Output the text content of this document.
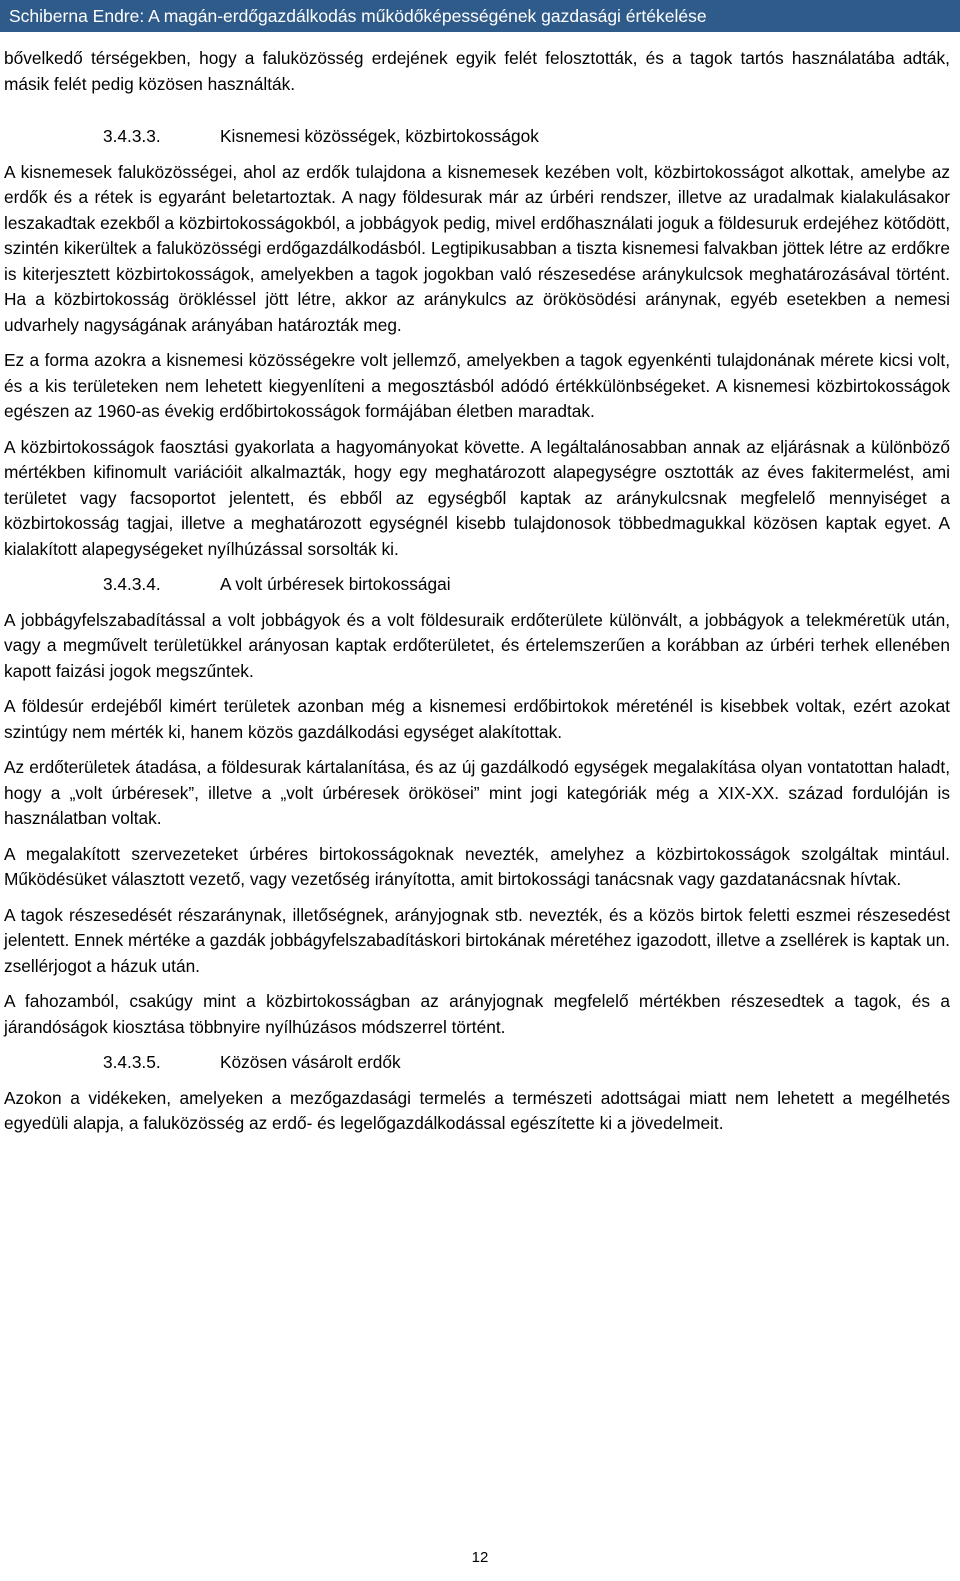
Schiberna Endre: A magán-erdőgazdálkodás működőképességének gazdasági értékelése

bővelkedő térségekben, hogy a faluközösség erdejének egyik felét felosztották, és a tagok tartós használatába adták, másik felét pedig közösen használták.

3.4.3.3.	Kisnemesi közösségek, közbirtokosságok

A kisnemesek faluközösségei, ahol az erdők tulajdona a kisnemesek kezében volt, közbirtokosságot alkottak, amelybe az erdők és a rétek is egyaránt beletartoztak. A nagy földesurak már az úrbéri rendszer, illetve az uradalmak kialakulásakor leszakadtak ezekből a közbirtokosságokból, a jobbágyok pedig, mivel erdőhasználati joguk a földesuruk erdejéhez kötődött, szintén kikerültek a faluközösségi erdőgazdálkodásból. Legtipikusabban a tiszta kisnemesi falvakban jöttek létre az erdőkre is kiterjesztett közbirtokosságok, amelyekben a tagok jogokban való részesedése aránykulcsok meghatározásával történt. Ha a közbirtokosság örökléssel jött létre, akkor az aránykulcs az örökösödési aránynak, egyéb esetekben a nemesi udvarhely nagyságának arányában határozták meg.

Ez a forma azokra a kisnemesi közösségekre volt jellemző, amelyekben a tagok egyenkénti tulajdonának mérete kicsi volt, és a kis területeken nem lehetett kiegyenlíteni a megosztásból adódó értékkülönbségeket. A kisnemesi közbirtokosságok egészen az 1960-as évekig erdőbirtokosságok formájában életben maradtak.

A közbirtokosságok faosztási gyakorlata a hagyományokat követte. A legáltalánosabban annak az eljárásnak a különböző mértékben kifinomult variációit alkalmazták, hogy egy meghatározott alapegységre osztották az éves fakitermelést, ami területet vagy facsoportot jelentett, és ebből az egységből kaptak az aránykulcsnak megfelelő mennyiséget a közbirtokosság tagjai, illetve a meghatározott egységnél kisebb tulajdonosok többedmagukkal közösen kaptak egyet. A kialakított alapegységeket nyílhúzással sorsolták ki.

3.4.3.4.	A volt úrbéresek birtokosságai

A jobbágyfelszabadítással a volt jobbágyok és a volt földesuraik erdőterülete különvált, a jobbágyok a telekméretük után, vagy a megművelt területükkel arányosan kaptak erdőterületet, és értelemszerűen a korábban az úrbéri terhek ellenében kapott faizási jogok megszűntek.

A földesúr erdejéből kimért területek azonban még a kisnemesi erdőbirtokok méreténél is kisebbek voltak, ezért azokat szintúgy nem mérték ki, hanem közös gazdálkodási egységet alakítottak.

Az erdőterületek átadása, a földesurak kártalanítása, és az új gazdálkodó egységek megalakítása olyan vontatottan haladt, hogy a „volt úrbéresek”, illetve a „volt úrbéresek örökösei” mint jogi kategóriák még a XIX-XX. század fordulóján is használatban voltak.

A megalakított szervezeteket úrbéres birtokosságoknak nevezték, amelyhez a közbirtokosságok szolgáltak mintául. Működésüket választott vezető, vagy vezetőség irányította, amit birtokossági tanácsnak vagy gazdatanácsnak hívtak.

A tagok részesedését részaránynak, illetőségnek, arányjognak stb. nevezték, és a közös birtok feletti eszmei részesedést jelentett. Ennek mértéke a gazdák jobbágyfelszabadításkori birtokának méretéhez igazodott, illetve a zsellérek is kaptak un. zsellérjogot a házuk után.

A fahozamból, csakúgy mint a közbirtokosságban az arányjognak megfelelő mértékben részesedtek a tagok, és a járandóságok kiosztása többnyire nyílhúzásos módszerrel történt.

3.4.3.5.	Közösen vásárolt erdők

Azokon a vidékeken, amelyeken a mezőgazdasági termelés a természeti adottságai miatt nem lehetett a megélhetés egyedüli alapja, a faluközösség az erdő- és legelőgazdálkodással egészítette ki a jövedelmeit.

12
